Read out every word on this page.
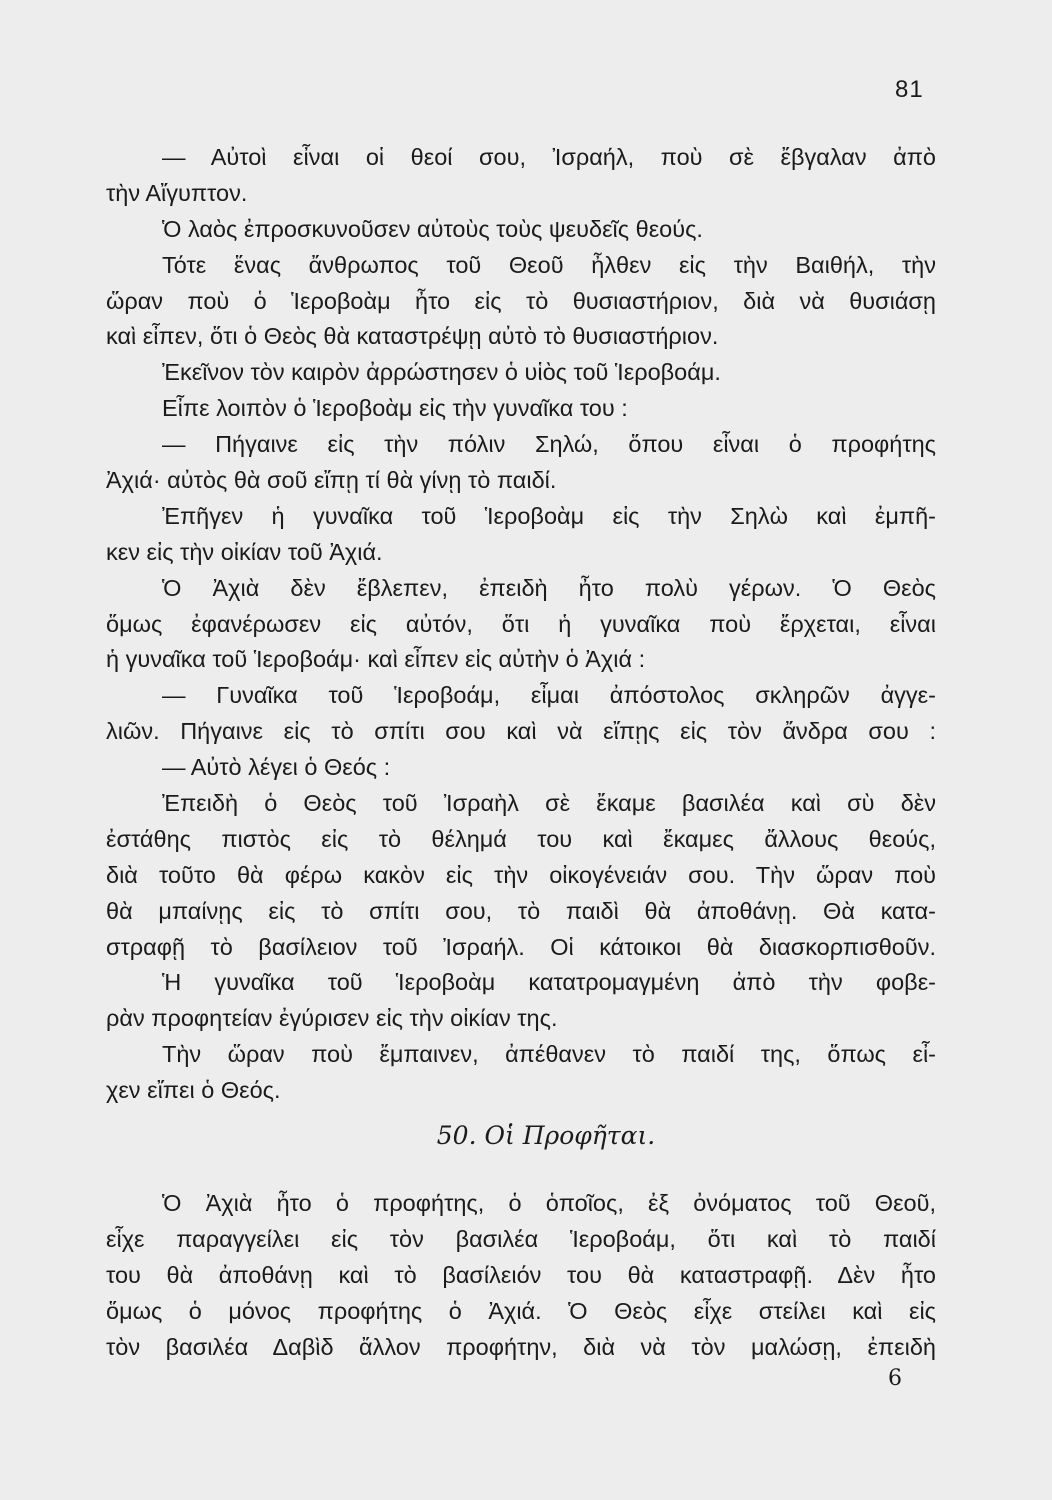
81
— Αὐτοὶ εἶναι οἱ θεοί σου, Ἰσραήλ, ποὺ σὲ ἔβγαλαν ἀπὸ
τὴν Αἴγυπτον.
Ὁ λαὸς ἐπροσκυνοῦσεν αὐτοὺς τοὺς ψευδεῖς θεούς.
Τότε ἕνας ἄνθρωπος τοῦ Θεοῦ ἦλθεν εἰς τὴν Βαιθήλ, τὴν
ὥραν ποὺ ὁ Ἱεροβοὰμ ἦτο εἰς τὸ θυσιαστήριον, διὰ νὰ θυσιάσῃ
καὶ εἶπεν, ὅτι ὁ Θεὸς θὰ καταστρέψῃ αὐτὸ τὸ θυσιαστήριον.
Ἐκεῖνον τὸν καιρὸν ἀρρώστησεν ὁ υἱὸς τοῦ Ἱεροβοάμ.
Εἶπε λοιπὸν ὁ Ἱεροβοὰμ εἰς τὴν γυναῖκα του :
— Πήγαινε εἰς τὴν πόλιν Σηλώ, ὅπου εἶναι ὁ προφήτης
Ἀχιά· αὐτὸς θὰ σοῦ εἴπῃ τί θὰ γίνῃ τὸ παιδί.
Ἐπῆγεν ἡ γυναῖκα τοῦ Ἱεροβοὰμ εἰς τὴν Σηλὼ καὶ ἐμπῆ-
κεν εἰς τὴν οἰκίαν τοῦ Ἀχιά.
Ὁ Ἀχιὰ δὲν ἔβλεπεν, ἐπειδὴ ἦτο πολὺ γέρων. Ὁ Θεὸς
ὅμως ἐφανέρωσεν εἰς αὐτόν, ὅτι ἡ γυναῖκα ποὺ ἔρχεται, εἶναι
ἡ γυναῖκα τοῦ Ἱεροβοάμ· καὶ εἶπεν εἰς αὐτὴν ὁ Ἀχιά :
— Γυναῖκα τοῦ Ἱεροβοάμ, εἶμαι ἀπόστολος σκληρῶν ἀγγε-
λιῶν. Πήγαινε εἰς τὸ σπίτι σου καὶ νὰ εἴπῃς εἰς τὸν ἄνδρα σου :
— Αὐτὸ λέγει ὁ Θεός :
Ἐπειδὴ ὁ Θεὸς τοῦ Ἰσραὴλ σὲ ἔκαμε βασιλέα καὶ σὺ δὲν
ἐστάθης πιστὸς εἰς τὸ θέλημά του καὶ ἔκαμες ἄλλους θεούς,
διὰ τοῦτο θὰ φέρω κακὸν εἰς τὴν οἰκογένειάν σου. Τὴν ὥραν ποὺ
θὰ μπαίνῃς εἰς τὸ σπίτι σου, τὸ παιδὶ θὰ ἀποθάνῃ. Θὰ κατα-
στραφῇ τὸ βασίλειον τοῦ Ἰσραήλ. Οἱ κάτοικοι θὰ διασκορπισθοῦν.
Ἡ γυναῖκα τοῦ Ἱεροβοὰμ κατατρομαγμένη ἀπὸ τὴν φοβε-
ρὰν προφητείαν ἐγύρισεν εἰς τὴν οἰκίαν της.
Τὴν ὥραν ποὺ ἔμπαινεν, ἀπέθανεν τὸ παιδί της, ὅπως εἶ-
χεν εἴπει ὁ Θεός.
50. Οἱ Προφῆται.
Ὁ Ἀχιὰ ἦτο ὁ προφήτης, ὁ ὁποῖος, ἐξ ὀνόματος τοῦ Θεοῦ,
εἶχε παραγγείλει εἰς τὸν βασιλέα Ἱεροβοάμ, ὅτι καὶ τὸ παιδί
του θὰ ἀποθάνῃ καὶ τὸ βασίλειόν του θὰ καταστραφῇ. Δὲν ἦτο
ὅμως ὁ μόνος προφήτης ὁ Ἀχιά. Ὁ Θεὸς εἶχε στείλει καὶ εἰς
τὸν βασιλέα Δαβὶδ ἄλλον προφήτην, διὰ νὰ τὸν μαλώσῃ, ἐπειδὴ
6
